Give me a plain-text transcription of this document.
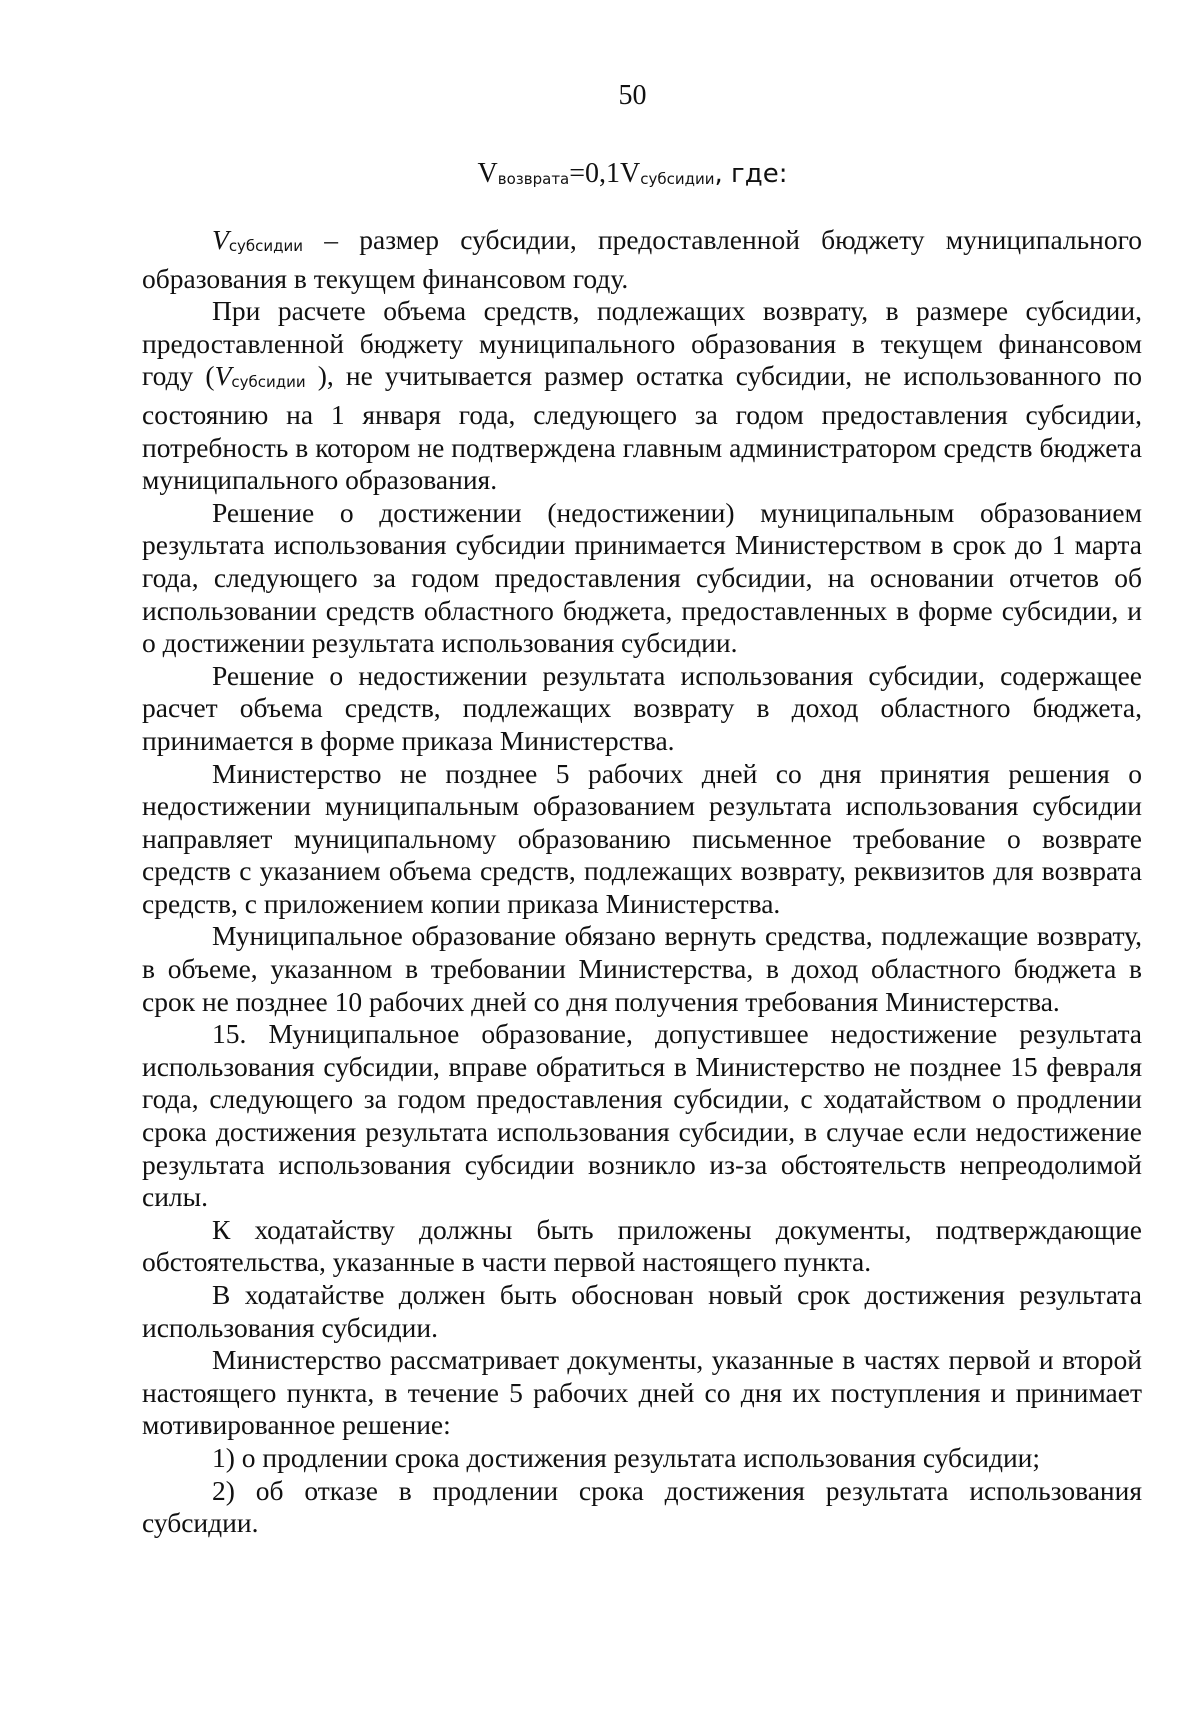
50
Vвозврата=0,1Vсубсидии, где:

Vсубсидии – размер субсидии, предоставленной бюджету муниципального образования в текущем финансовом году.

При расчете объема средств, подлежащих возврату, в размере субсидии, предоставленной бюджету муниципального образования в текущем финансовом году (Vсубсидии ), не учитывается размер остатка субсидии, не использованного по состоянию на 1 января года, следующего за годом предоставления субсидии, потребность в котором не подтверждена главным администратором средств бюджета муниципального образования.

Решение о достижении (недостижении) муниципальным образованием результата использования субсидии принимается Министерством в срок до 1 марта года, следующего за годом предоставления субсидии, на основании отчетов об использовании средств областного бюджета, предоставленных в форме субсидии, и о достижении результата использования субсидии.

Решение о недостижении результата использования субсидии, содержащее расчет объема средств, подлежащих возврату в доход областного бюджета, принимается в форме приказа Министерства.

Министерство не позднее 5 рабочих дней со дня принятия решения о недостижении муниципальным образованием результата использования субсидии направляет муниципальному образованию письменное требование о возврате средств с указанием объема средств, подлежащих возврату, реквизитов для возврата средств, с приложением копии приказа Министерства.

Муниципальное образование обязано вернуть средства, подлежащие возврату, в объеме, указанном в требовании Министерства, в доход областного бюджета в срок не позднее 10 рабочих дней со дня получения требования Министерства.

15. Муниципальное образование, допустившее недостижение результата использования субсидии, вправе обратиться в Министерство не позднее 15 февраля года, следующего за годом предоставления субсидии, с ходатайством о продлении срока достижения результата использования субсидии, в случае если недостижение результата использования субсидии возникло из-за обстоятельств непреодолимой силы.

К ходатайству должны быть приложены документы, подтверждающие обстоятельства, указанные в части первой настоящего пункта.

В ходатайстве должен быть обоснован новый срок достижения результата использования субсидии.

Министерство рассматривает документы, указанные в частях первой и второй настоящего пункта, в течение 5 рабочих дней со дня их поступления и принимает мотивированное решение:

1) о продлении срока достижения результата использования субсидии;

2) об отказе в продлении срока достижения результата использования субсидии.
